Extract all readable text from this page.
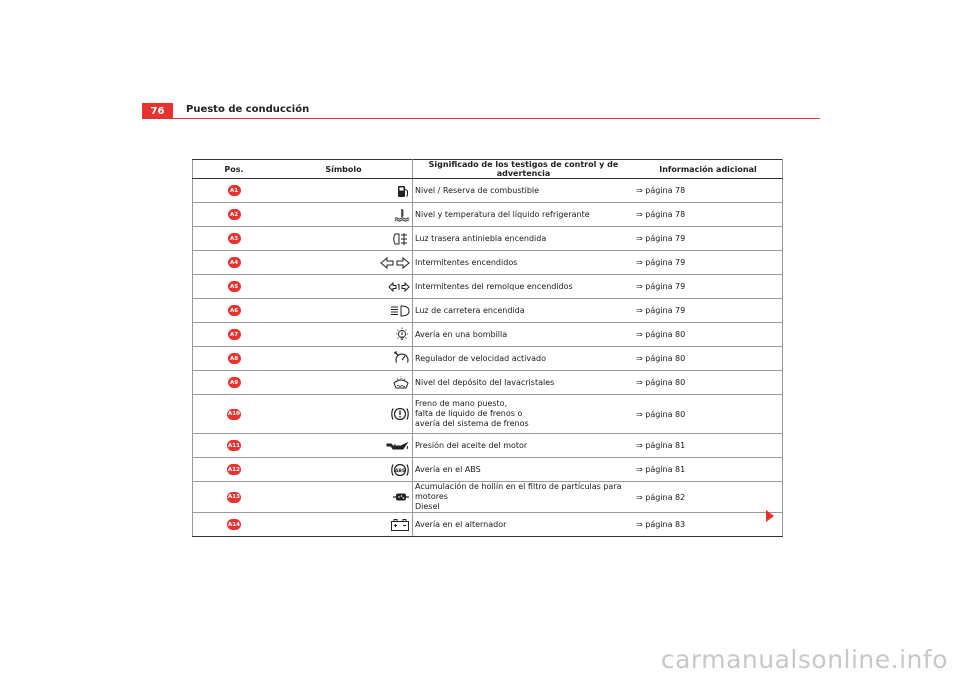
76	Puesto de conducción
Pos.	Símbolo	Significado de los testigos de control y de advertencia	Información adicional
A1		Nivel / Reserva de combustible	⇒ página 78
A2		Nivel y temperatura del líquido refrigerante	⇒ página 78
A3		Luz trasera antiniebla encendida	⇒ página 79
A4		Intermitentes encendidos	⇒ página 79
A5		Intermitentes del remolque encendidos	⇒ página 79
A6		Luz de carretera encendida	⇒ página 79
A7		Avería en una bombilla	⇒ página 80
A8		Regulador de velocidad activado	⇒ página 80
A9		Nivel del depósito del lavacristales	⇒ página 80
A10		Freno de mano puesto,
falta de líquido de frenos o
avería del sistema de frenos	⇒ página 80
A11		Presión del aceite del motor	⇒ página 81
A12	ABS	Avería en el ABS	⇒ página 81
A13		Acumulación de hollín en el filtro de partículas para motores
Diesel	⇒ página 82
A14		Avería en el alternador	⇒ página 83
carmanualsonline.info
